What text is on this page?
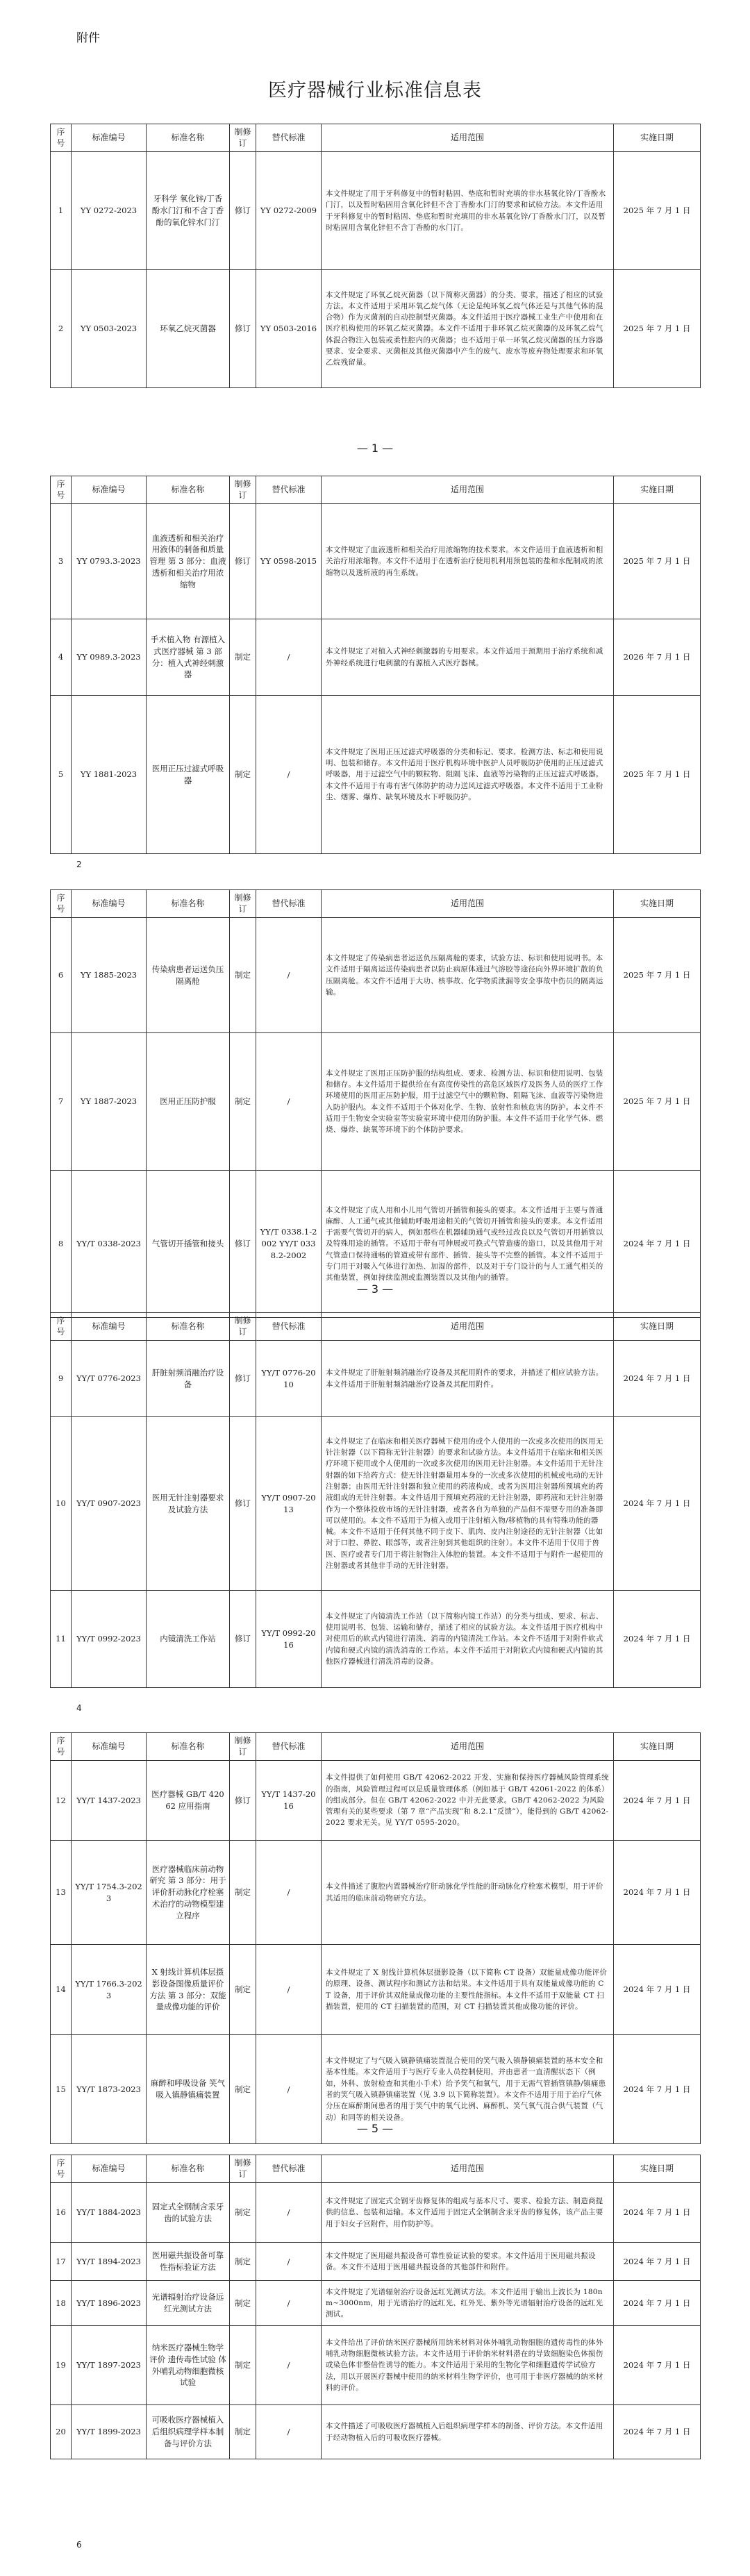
附件
医疗器械行业标准信息表
序号	标准编号	标准名称	制修订	替代标准	适用范围	实施日期
1	YY 0272-2023	牙科学 氧化锌/丁香酚水门汀和不含丁香酚的氧化锌水门汀	修订	YY 0272-2009	本文件规定了用于牙科修复中的暂时粘固、垫底和暂时充填的非水基氧化锌/丁香酚水门汀，以及暂时粘固用含氧化锌但不含丁香酚水门汀的要求和试验方法。本文件适用于牙科修复中的暂时粘固、垫底和暂时充填用的非水基氧化锌/丁香酚水门汀，以及暂时粘固用含氧化锌但不含丁香酚的水门汀。	2025 年 7 月 1 日
2	YY 0503-2023	环氧乙烷灭菌器	修订	YY 0503-2016	本文件规定了环氧乙烷灭菌器（以下简称灭菌器）的分类、要求，描述了相应的试验方法。本文件适用于采用环氧乙烷气体（无论是纯环氧乙烷气体还是与其他气体的混合物）作为灭菌剂的自动控制型灭菌器。本文件适用于医疗器械工业生产中使用和在医疗机构使用的环氧乙烷灭菌器。本文件不适用于非环氧乙烷灭菌器的及环氧乙烷气体混合物注入包装或柔性腔内的灭菌器；也不适用于单一环氧乙烷灭菌器的压力容器要求、安全要求、灭菌柜及其他灭菌器中产生的废气、废水等废弃物处理要求和环氧乙烷残留量。	2025 年 7 月 1 日
序号	标准编号	标准名称	制修订	替代标准	适用范围	实施日期
3	YY 0793.3-2023	血液透析和相关治疗用液体的制备和质量管理 第 3 部分：血液透析和相关治疗用浓缩物	修订	YY 0598-2015	本文件规定了血液透析和相关治疗用浓缩物的技术要求。本文件适用于血液透析和相关治疗用浓缩物。本文件不适用于在透析治疗使用机利用预包装的盐和水配制成的浓缩物以及透析液的再生系统。	2025 年 7 月 1 日
4	YY 0989.3-2023	手术植入物 有源植入式医疗器械 第 3 部分：植入式神经刺激器	制定	/	本文件规定了对植入式神经刺激器的专用要求。本文件适用于预期用于治疗系统和减外神经系统进行电刺激的有源植入式医疗器械。	2026 年 7 月 1 日
5	YY 1881-2023	医用正压过滤式呼吸器	制定	/	本文件规定了医用正压过滤式呼吸器的分类和标记、要求、检测方法、标志和使用说明、包装和储存。本文件适用于医疗机构环境中医护人员呼吸防护使用的正压过滤式呼吸器，用于过滤空气中的颗粒物、阻隔飞沫、血液等污染物的正压过滤式呼吸器。本文件不适用于有毒有害气体防护的动力送风过滤式呼吸器。本文件不适用于工业粉尘、烟雾、爆炸、缺氧环境及水下呼吸防护。	2025 年 7 月 1 日
序号	标准编号	标准名称	制修订	替代标准	适用范围	实施日期
6	YY 1885-2023	传染病患者运送负压隔离舱	制定	/	本文件规定了传染病患者运送负压隔离舱的要求，试验方法、标识和使用说明书。本文件适用于隔离运送传染病患者以防止病原体通过气溶胶等途径向外界环境扩散的负压隔离舱。本文件不适用于大功、核事故、化学物质泄漏等安全事故中伤员的隔离运输。	2025 年 7 月 1 日
7	YY 1887-2023	医用正压防护服	制定	/	本文件规定了医用正压防护服的结构组成、要求、检测方法、标识和使用说明、包装和储存。本文件适用于提供给在有高度传染性的高危区域医疗及医务人员的医疗工作环境使用的医用正压防护服，用于过滤空气中的颗粒物、阻隔飞沫、血液等污染物进入防护服内。本文件不适用于个体对化学、生物、放射性和核危害的防护。本文件不适用于生物安全实验室等实验室环境中使用的防护服。本文件不适用于化学气体、燃烧、爆炸、缺氧等环境下的个体防护要求。	2025 年 7 月 1 日
8	YY/T 0338-2023	气管切开插管和接头	修订	YY/T 0338.1-2002 YY/T 0338.2-2002	本文件规定了成人用和小儿用气管切开插管和接头的要求。本文件适用于主要与普通麻醉、人工通气或其他辅助呼吸用途相关的气管切开插管和接头的要求。本文件适用于需要气管切开的病人，例如那些在机器辅助通气或经过改良以及气管切开用插管以及特殊用途的插管。不适用于带有可伸展或可换式气管造瘘的造口，以及其他用于对气管造口保持通畅的管道或带有部件、插管、接头等不完整的插管。本文件不适用于专门用于对吸入气体进行加热、加湿的部件，以及对于专门设计的与人工通气相关的其他装置，例如持续监测或监测装置以及其他内的插管。	2024 年 7 月 1 日
序号	标准编号	标准名称	制修订	替代标准	适用范围	实施日期
9	YY/T 0776-2023	肝脏射频消融治疗设备	修订	YY/T 0776-2010	本文件规定了肝脏射频消融治疗设备及其配用附件的要求，并描述了相应试验方法。本文件适用于肝脏射频消融治疗设备及其配用附件。	2024 年 7 月 1 日
10	YY/T 0907-2023	医用无针注射器要求及试验方法	修订	YY/T 0907-2013	本文件规定了在临床和相关医疗器械下使用的或个人使用的一次或多次使用的医用无针注射器（以下简称无针注射器）的要求和试验方法。本文件适用于在临床和相关医疗环境下使用或个人使用的一次或多次使用的医用无针注射器。本文件适用于无针注射器的如下给药方式：使无针注射器量用本身的一次或多次使用的机械或电动的无针注射器；由医用无针注射器和独立使用的药液构成，或者为医用注射器所预填充的药液组成的无针注射器。本文件适用于预填充药液的无针注射器，即药液和无针注射器作为一个整体投放市场的无针注射器，或者各自为单独的产品但不需要专用的准备即可以使用的。本文件不适用于为植入或用于注射植入物/移植物的具有特殊功能的器械。本文件不适用于任何其他不同于皮下、肌肉、皮内注射途径的无针注射器（比如对于口腔、鼻腔、眼部等，或者注射到其他组织的注射）。本文件不适用于仅用于兽医、医疗或者专门用于将注射物注入体腔的装置。本文件不适用于与附件一起使用的注射器或者其他非手动的无针注射器。	2024 年 7 月 1 日
11	YY/T 0992-2023	内镜清洗工作站	修订	YY/T 0992-2016	本文件规定了内镜清洗工作站（以下简称内镜工作站）的分类与组成、要求、标志、使用说明书、包装、运输和储存，描述了相应的试验方法。本文件适用于医疗机构中对使用后的软式内镜进行清洗、消毒的内镜清洗工作站。本文件不适用于对附件软式内镜和硬式内镜的清洗消毒的工作站。本文件不适用于对附软式内镜和硬式内镜的其他医疗器械进行清洗消毒的设备。	2024 年 7 月 1 日
序号	标准编号	标准名称	制修订	替代标准	适用范围	实施日期
12	YY/T 1437-2023	医疗器械 GB/T 42062 应用指南	修订	YY/T 1437-2016	本文件提供了如何使用 GB/T 42062-2022 开发、实施和保持医疗器械风险管理系统的指南，风险管理过程可以是质量管理体系（例如基于 GB/T 42061-2022 的体系）的组成部分。但在 GB/T 42062-2022 中并无此要求。GB/T 42062-2022 为风险管理有关的某些要求（第 7 章“产品实现”和 8.2.1“反馈”），能得到的 GB/T 42062-2022 要求无关。见 YY/T 0595-2020。	2024 年 7 月 1 日
13	YY/T 1754.3-2023	医疗器械临床前动物研究 第 3 部分：用于评价肝动脉化疗栓塞术治疗的动物模型建立程序	制定	/	本文件描述了腹腔内置器械治疗肝动脉化学性能的肝动脉化疗栓塞术模型，用于评价其适用的临床前动物研究方法。	2024 年 7 月 1 日
14	YY/T 1766.3-2023	X 射线计算机体层摄影设备图像质量评价方法 第 3 部分：双能量成像功能的评价	制定	/	本文件规定了 X 射线计算机体层摄影设备（以下简称 CT 设备）双能量成像功能评价的原理、设备、测试程序和测试方法和结果。本文件适用于具有双能量成像功能的 CT 设备，用于评价其双能量成像功能的主要性能指标。本文件不适用于双能量 CT 扫描装置，使用的 CT 扫描装置的范围，对 CT 扫描装置其他成像功能的评价。	2024 年 7 月 1 日
15	YY/T 1873-2023	麻醉和呼吸设备 笑气吸入镇静镇痛装置	制定	/	本文件规定了与气吸入镇静镇痛装置混合使用的笑气吸入镇静镇痛装置的基本安全和基本性能。本文件适用于与医疗专业人员控制使用，并由患者一直清醒状态下（例如，外科、放射检查和其他小手术）给予笑气和氧气，用于无需气管插管镇静/镇痛患者的笑气吸入镇静镇痛装置（见 3.9 以下简称装置）。本文件不适用于用于治疗气体分压在麻醉期间患者的用于笑气中的氧气比例、麻醉机、笑气氧气混合供气装置（气动）和同等的相关设备。	2024 年 7 月 1 日
序号	标准编号	标准名称	制修订	替代标准	适用范围	实施日期
16	YY/T 1884-2023	固定式全钢制含汞牙齿的试验方法	制定	/	本文件规定了固定式全钢牙齿修复体的组成与基本尺寸、要求、检验方法、制造商提供的信息、包装和运输。本文件适用于固定式全钢制含汞牙齿的修复体，该产品主要用于妇女子宫附件，用作防护等。	2024 年 7 月 1 日
17	YY/T 1894-2023	医用磁共振设备可靠性指标验证方法	制定	/	本文件规定了医用磁共振设备可靠性验证试验的要求。本文件适用于医用磁共振设备。本文件不适用于医用磁共振设备的其他部件和附件。	2024 年 7 月 1 日
18	YY/T 1896-2023	光谱辐射治疗设备远红光测试方法	制定	/	本文件规定了光谱辐射治疗设备远红光测试方法。本文件适用于输出上波长为 180nm~3000nm，用于光谱治疗的远红光、红外光、紫外等光谱辐射治疗设备的远红光测试。	2024 年 7 月 1 日
19	YY/T 1897-2023	纳米医疗器械生物学评价 遗传毒性试验 体外哺乳动物细胞微核试验	制定	/	本文件给出了评价纳米医疗器械所用纳米材料对体外哺乳动物细胞的遗传毒性的体外哺乳动物细胞微核试验方法。本文件适用于评价纳米材料潜在的导致细胞染色体损伤或染色体非整倍性诱导的能力。本文件适用于采用的生物化学和细胞遗传学试验方法，用以开展医疗器械中使用的纳米材料生物学评价，也可用于非医疗器械的纳米材料的评价。	2024 年 7 月 1 日
20	YY/T 1899-2023	可吸收医疗器械植入后组织病理学样本制备与评价方法	制定	/	本文件描述了可吸收医疗器械植入后组织病理学样本的制备、评价方法。本文件适用于经动物植入后的可吸收医疗器械。	2024 年 7 月 1 日
— 1 —
2
— 3 —
4
— 5 —
6
